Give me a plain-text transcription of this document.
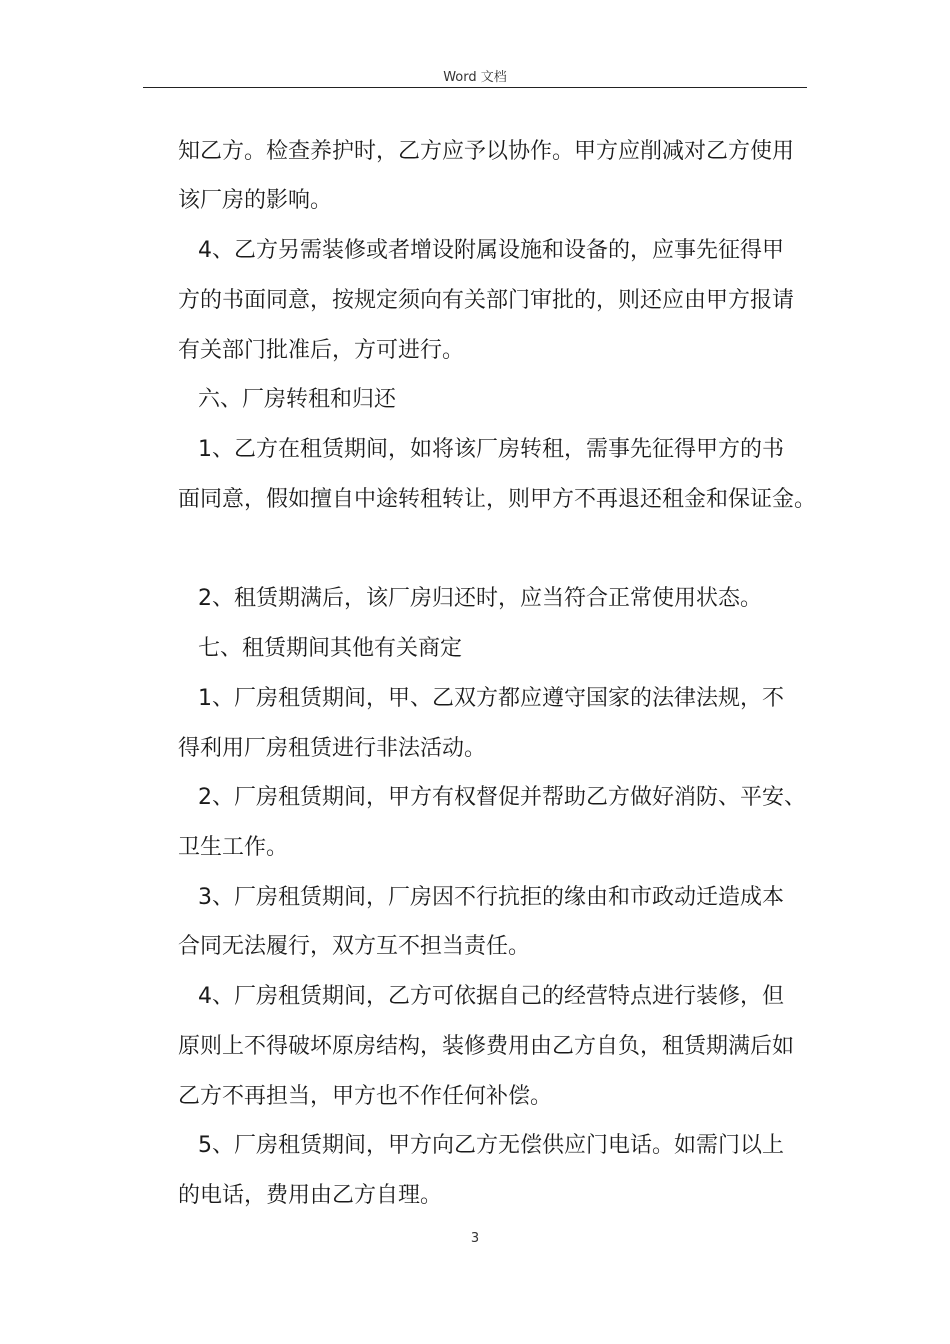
Word 文档
知乙方。检查养护时，乙方应予以协作。甲方应削减对乙方使用
该厂房的影响。
4、乙方另需装修或者增设附属设施和设备的，应事先征得甲
方的书面同意，按规定须向有关部门审批的，则还应由甲方报请
有关部门批准后，方可进行。
六、厂房转租和归还
1、乙方在租赁期间，如将该厂房转租，需事先征得甲方的书
面同意，假如擅自中途转租转让，则甲方不再退还租金和保证金。
2、租赁期满后，该厂房归还时，应当符合正常使用状态。
七、租赁期间其他有关商定
1、厂房租赁期间，甲、乙双方都应遵守国家的法律法规，不
得利用厂房租赁进行非法活动。
2、厂房租赁期间，甲方有权督促并帮助乙方做好消防、平安、
卫生工作。
3、厂房租赁期间，厂房因不行抗拒的缘由和市政动迁造成本
合同无法履行，双方互不担当责任。
4、厂房租赁期间，乙方可依据自己的经营特点进行装修，但
原则上不得破坏原房结构，装修费用由乙方自负，租赁期满后如
乙方不再担当，甲方也不作任何补偿。
5、厂房租赁期间，甲方向乙方无偿供应门电话。如需门以上
的电话，费用由乙方自理。
3
